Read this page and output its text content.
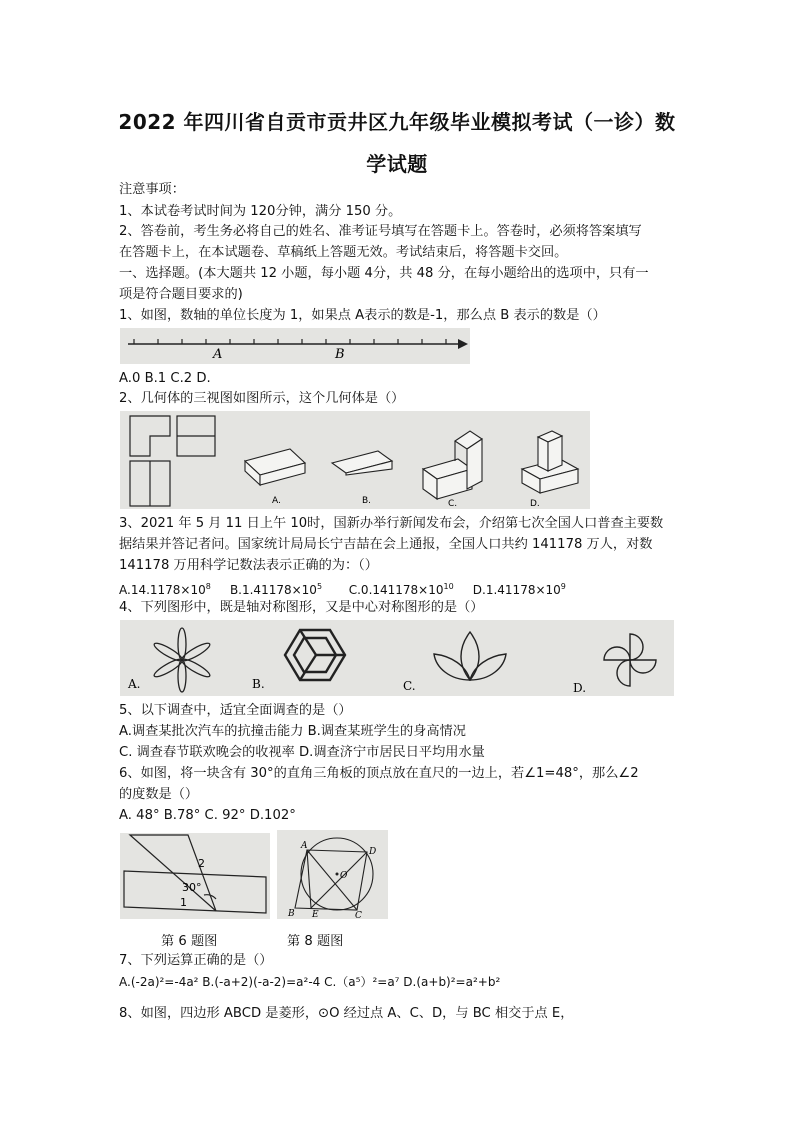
2022 年四川省自贡市贡井区九年级毕业模拟考试（一诊）数
学试题
注意事项：
1、本试卷考试时间为 120分钟，满分 150 分。
2、答卷前，考生务必将自己的姓名、准考证号填写在答题卡上。答卷时，必须将答案填写
在答题卡上，在本试题卷、草稿纸上答题无效。考试结束后，将答题卡交回。
一、选择题。(本大题共 12 小题，每小题 4分，共 48 分，在每小题给出的选项中，只有一
项是符合题目要求的)
1、如图，数轴的单位长度为 1，如果点 A表示的数是-1，那么点 B 表示的数是（）
A	B
A.0 B.1 C.2 D.
2、几何体的三视图如图所示，这个几何体是（）
A.	B.	C.	D.
3、2021 年 5 月 11 日上午 10时，国新办举行新闻发布会，介绍第七次全国人口普查主要数
据结果并答记者问。国家统计局局长宁吉喆在会上通报，全国人口共约 141178 万人，对数
141178 万用科学记数法表示正确的为：（）
$A.14.1178\times 10^8$ $B.1.41178\times 10^5$ $C.0.141178\times 10^{10}$ $D.1.41178\times 10^9$
4、下列图形中，既是轴对称图形，又是中心对称图形的是（）
A.	B.	C.	D.
5、以下调查中，适宜全面调查的是（）
A.调查某批次汽车的抗撞击能力 B.调查某班学生的身高情况
C. 调查春节联欢晚会的收视率 D.调查济宁市居民日平均用水量
6、如图，将一块含有 30°的直角三角板的顶点放在直尺的一边上，若∠1=48°，那么∠2
的度数是（）
A. 48° B.78° C. 92° D.102°
2
30°
1
A
D
O
B E	C
第 6 题图	第 8 题图
7、下列运算正确的是（）
A.(-2a)²=-4a² B.(-a+2)(-a-2)=a²-4 C.（a⁵）²=a⁷ D.(a+b)²=a²+b²
8、如图，四边形 ABCD 是菱形，⊙O 经过点 A、C、D，与 BC 相交于点 E，
